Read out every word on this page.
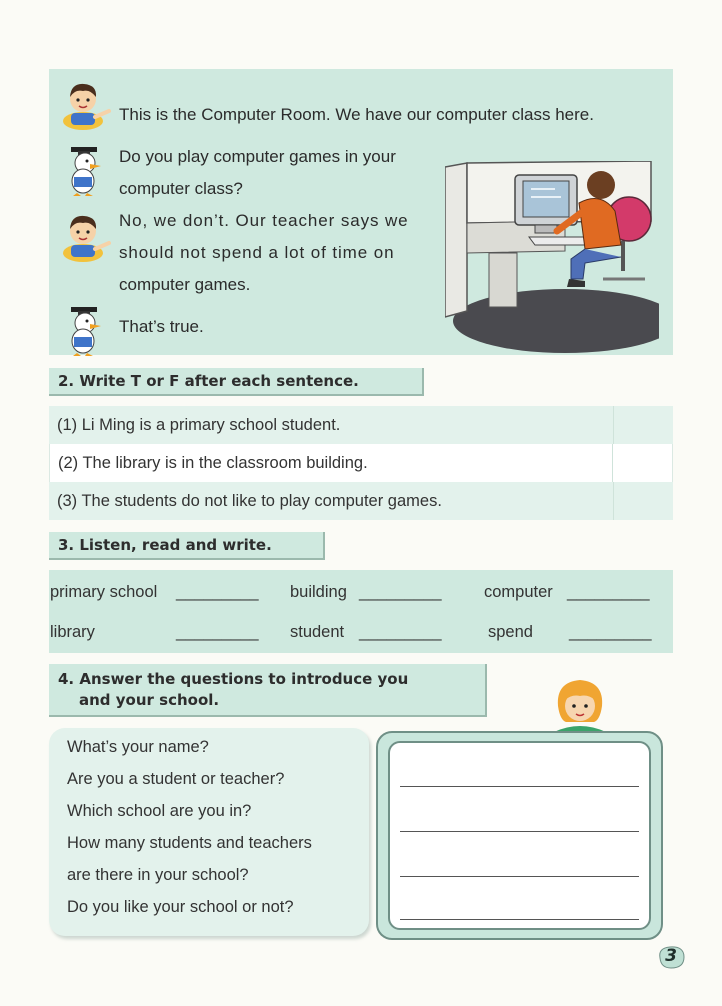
This is the Computer Room. We have our computer class here.
Do you play computer games in your
computer class?
No, we don’t. Our teacher says we
should not spend a lot of time on
computer games.
That’s true.
2. Write T or F after each sentence.
(1) Li Ming is a primary school student.
(2) The library is in the classroom building.
(3) The students do not like to play computer games.
3. Listen, read and write.
primary school _________ building _________	computer _________
library	_________ student _________	spend _________
4. Answer the questions to introduce you
and your school.
What’s your name?
Are you a student or teacher?
Which school are you in?
How many students and teachers
are there in your school?
Do you like your school or not?
3
